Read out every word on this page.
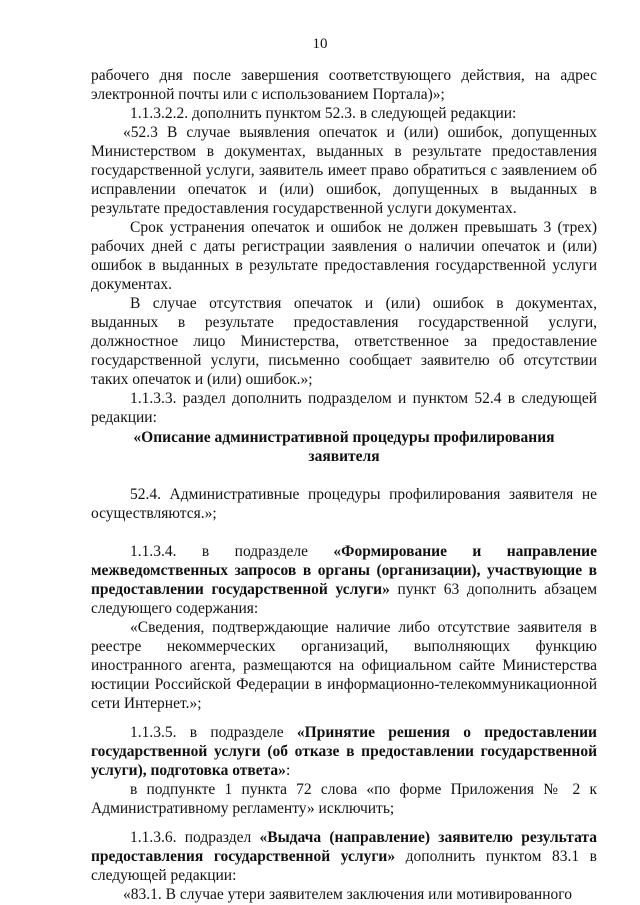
10

рабочего дня после завершения соответствующего действия, на адрес электронной почты или с использованием Портала)»;

1.1.3.2.2. дополнить пунктом 52.3. в следующей редакции:

«52.3 В случае выявления опечаток и (или) ошибок, допущенных Министерством в документах, выданных в результате предоставления государственной услуги, заявитель имеет право обратиться с заявлением об исправлении опечаток и (или) ошибок, допущенных в выданных в результате предоставления государственной услуги документах.

Срок устранения опечаток и ошибок не должен превышать 3 (трех) рабочих дней с даты регистрации заявления о наличии опечаток и (или) ошибок в выданных в результате предоставления государственной услуги документах.

В случае отсутствия опечаток и (или) ошибок в документах, выданных в результате предоставления государственной услуги, должностное лицо Министерства, ответственное за предоставление государственной услуги, письменно сообщает заявителю об отсутствии таких опечаток и (или) ошибок.»;

1.1.3.3. раздел дополнить подразделом и пунктом 52.4 в следующей редакции:

«Описание административной процедуры профилирования заявителя

52.4. Административные процедуры профилирования заявителя не осуществляются.»;

1.1.3.4. в подразделе «Формирование и направление межведомственных запросов в органы (организации), участвующие в предоставлении государственной услуги» пункт 63 дополнить абзацем следующего содержания:

«Сведения, подтверждающие наличие либо отсутствие заявителя в реестре некоммерческих организаций, выполняющих функцию иностранного агента, размещаются на официальном сайте Министерства юстиции Российской Федерации в информационно-телекоммуникационной сети Интернет.»;

1.1.3.5. в подразделе «Принятие решения о предоставлении государственной услуги (об отказе в предоставлении государственной услуги), подготовка ответа»:

в подпункте 1 пункта 72 слова «по форме Приложения № 2 к Административному регламенту» исключить;

1.1.3.6. подраздел «Выдача (направление) заявителю результата предоставления государственной услуги» дополнить пунктом 83.1 в следующей редакции:

«83.1. В случае утери заявителем заключения или мотивированного
